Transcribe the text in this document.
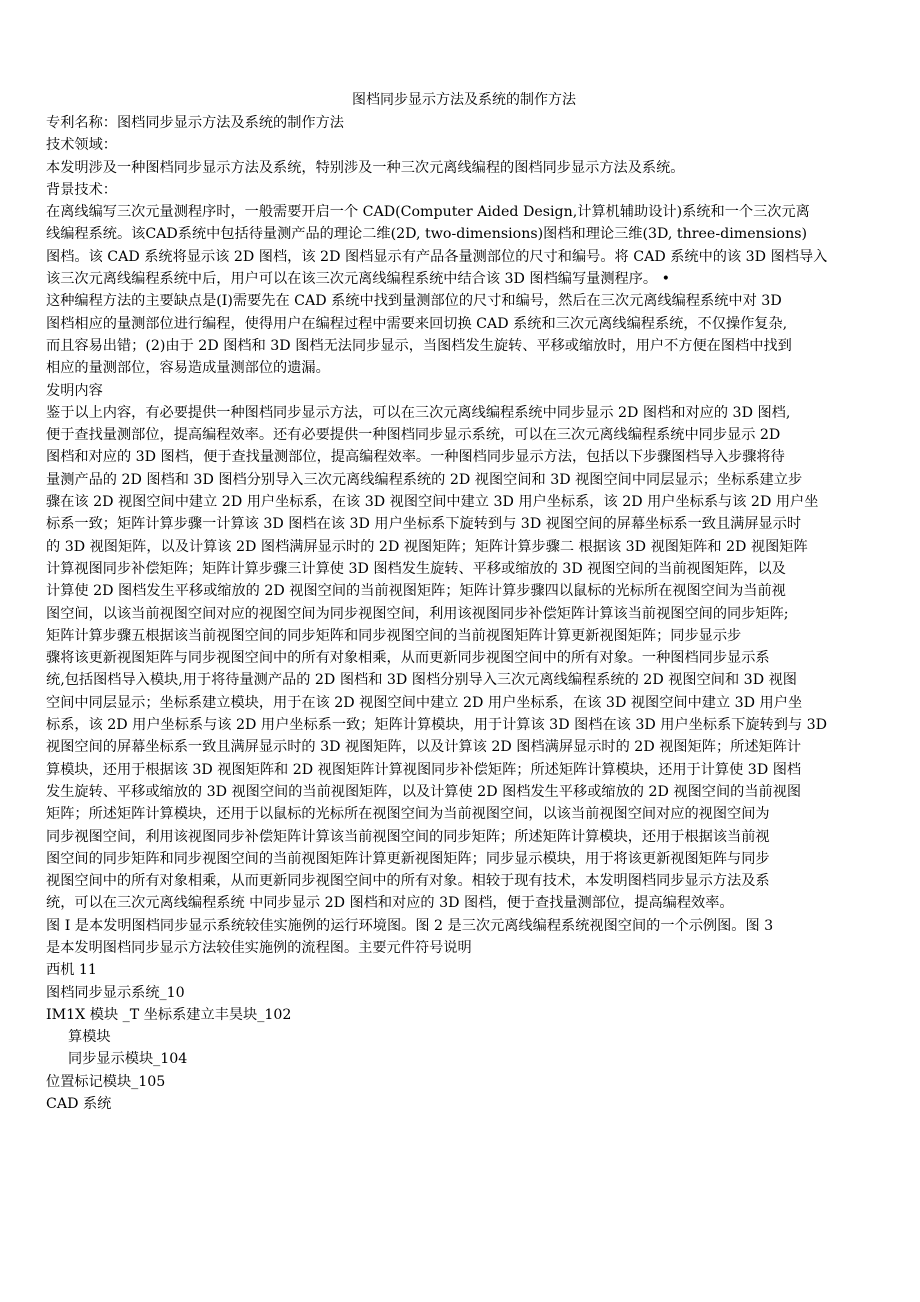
图档同步显示方法及系统的制作方法
专利名称：图档同步显示方法及系统的制作方法
技术领域：
本发明涉及一种图档同步显示方法及系统，特别涉及一种三次元离线编程的图档同步显示方法及系统。
背景技术：
在离线编写三次元量测程序时，一般需要开启一个 CAD(Computer Aided Design,计算机辅助设计)系统和一个三次元离
线编程系统。该CAD系统中包括待量测产品的理论二维(2D, two-dimensions)图档和理论三维(3D, three-dimensions)
图档。该 CAD 系统将显示该 2D 图档，该 2D 图档显示有产品各量测部位的尺寸和编号。将 CAD 系统中的该 3D 图档导入
该三次元离线编程系统中后，用户可以在该三次元离线编程系统中结合该 3D 图档编写量测程序。 •
这种编程方法的主要缺点是(I)需要先在 CAD 系统中找到量测部位的尺寸和编号，然后在三次元离线编程系统中对 3D
图档相应的量测部位进行编程，使得用户在编程过程中需要来回切换 CAD 系统和三次元离线编程系统，不仅操作复杂,
而且容易出错；(2)由于 2D 图档和 3D 图档无法同步显示，当图档发生旋转、平移或缩放时，用户不方便在图档中找到
相应的量测部位，容易造成量测部位的遗漏。
发明内容
鉴于以上内容，有必要提供一种图档同步显示方法，可以在三次元离线编程系统中同步显示 2D 图档和对应的 3D 图档,
便于查找量测部位，提高编程效率。还有必要提供一种图档同步显示系统，可以在三次元离线编程系统中同步显示 2D
图档和对应的 3D 图档，便于查找量测部位，提高编程效率。一种图档同步显示方法，包括以下步骤图档导入步骤将待
量测产品的 2D 图档和 3D 图档分别导入三次元离线编程系统的 2D 视图空间和 3D 视图空间中同层显示；坐标系建立步
骤在该 2D 视图空间中建立 2D 用户坐标系，在该 3D 视图空间中建立 3D 用户坐标系，该 2D 用户坐标系与该 2D 用户坐
标系一致；矩阵计算步骤一计算该 3D 图档在该 3D 用户坐标系下旋转到与 3D 视图空间的屏幕坐标系一致且满屏显示时
的 3D 视图矩阵，以及计算该 2D 图档满屏显示时的 2D 视图矩阵；矩阵计算步骤二 根据该 3D 视图矩阵和 2D 视图矩阵
计算视图同步补偿矩阵；矩阵计算步骤三计算使 3D 图档发生旋转、平移或缩放的 3D 视图空间的当前视图矩阵，以及
计算使 2D 图档发生平移或缩放的 2D 视图空间的当前视图矩阵；矩阵计算步骤四以鼠标的光标所在视图空间为当前视
图空间，以该当前视图空间对应的视图空间为同步视图空间，利用该视图同步补偿矩阵计算该当前视图空间的同步矩阵;
矩阵计算步骤五根据该当前视图空间的同步矩阵和同步视图空间的当前视图矩阵计算更新视图矩阵；同步显示步
骤将该更新视图矩阵与同步视图空间中的所有对象相乘，从而更新同步视图空间中的所有对象。一种图档同步显示系
统,包括图档导入模块,用于将待量测产品的 2D 图档和 3D 图档分别导入三次元离线编程系统的 2D 视图空间和 3D 视图
空间中同层显示；坐标系建立模块，用于在该 2D 视图空间中建立 2D 用户坐标系，在该 3D 视图空间中建立 3D 用户坐
标系，该 2D 用户坐标系与该 2D 用户坐标系一致；矩阵计算模块，用于计算该 3D 图档在该 3D 用户坐标系下旋转到与 3D
视图空间的屏幕坐标系一致且满屏显示时的 3D 视图矩阵，以及计算该 2D 图档满屏显示时的 2D 视图矩阵；所述矩阵计
算模块，还用于根据该 3D 视图矩阵和 2D 视图矩阵计算视图同步补偿矩阵；所述矩阵计算模块，还用于计算使 3D 图档
发生旋转、平移或缩放的 3D 视图空间的当前视图矩阵，以及计算使 2D 图档发生平移或缩放的 2D 视图空间的当前视图
矩阵；所述矩阵计算模块，还用于以鼠标的光标所在视图空间为当前视图空间，以该当前视图空间对应的视图空间为
同步视图空间，利用该视图同步补偿矩阵计算该当前视图空间的同步矩阵；所述矩阵计算模块，还用于根据该当前视
图空间的同步矩阵和同步视图空间的当前视图矩阵计算更新视图矩阵；同步显示模块，用于将该更新视图矩阵与同步
视图空间中的所有对象相乘，从而更新同步视图空间中的所有对象。相较于现有技术，本发明图档同步显示方法及系
统，可以在三次元离线编程系统 中同步显示 2D 图档和对应的 3D 图档，便于查找量测部位，提高编程效率。
图 I 是本发明图档同步显示系统较佳实施例的运行环境图。图 2 是三次元离线编程系统视图空间的一个示例图。图 3
是本发明图档同步显示方法较佳实施例的流程图。主要元件符号说明
西机 11
图档同步显示系统_10
IM1X 模块 _T 坐标系建立丰昊块_102
算模块
同步显示模块_104
位置标记模块_105
CAD 系统
